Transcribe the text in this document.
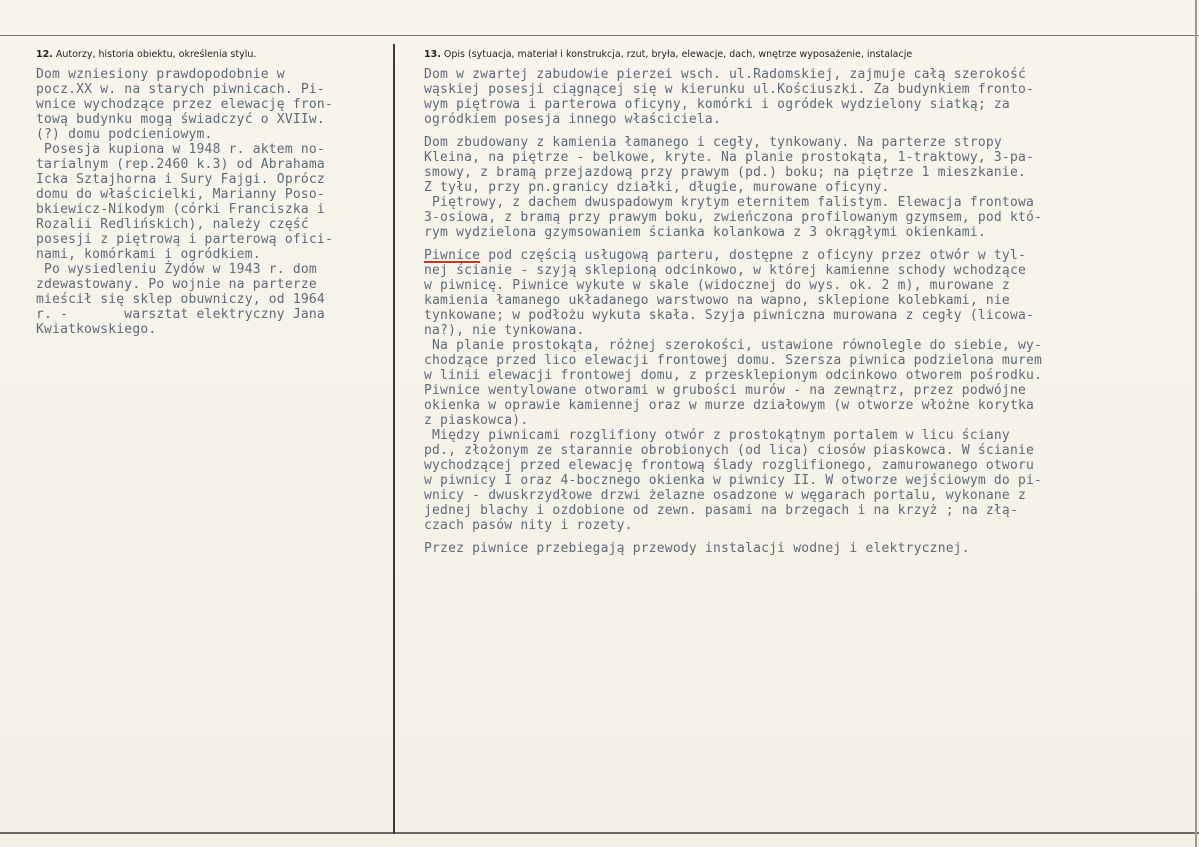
12. Autorzy, historia obiektu, określenia stylu.	13. Opis (sytuacja, materiał i konstrukcja, rzut, bryła, elewacje, dach, wnętrze wyposażenie, instalacje
Dom wzniesiony prawdopodobnie w
pocz.XX w. na starych piwnicach. Pi-
wnice wychodzące przez elewację fron-
tową budynku mogą świadczyć o XVIIw.
(?) domu podcieniowym.
Posesja kupiona w 1948 r. aktem no-
tarialnym (rep.2460 k.3) od Abrahama
Icka Sztajhorna i Sury Fajgi. Oprócz
domu do właścicielki, Marianny Poso-
bkiewicz-Nikodym (córki Franciszka i
Rozalii Redlińskich), należy część
posesji z piętrową i parterową ofici-
nami, komórkami i ogródkiem.
Po wysiedleniu Żydów w 1943 r. dom
zdewastowany. Po wojnie na parterze
mieścił się sklep obuwniczy, od 1964
r. -       warsztat elektryczny Jana
Kwiatkowskiego.
Dom w zwartej zabudowie pierzei wsch. ul.Radomskiej, zajmuje całą szerokość
wąskiej posesji ciągnącej się w kierunku ul.Kościuszki. Za budynkiem fronto-
wym piętrowa i parterowa oficyny, komórki i ogródek wydzielony siatką; za
ogródkiem posesja innego właściciela.
Dom zbudowany z kamienia łamanego i cegły, tynkowany. Na parterze stropy
Kleina, na piętrze - belkowe, kryte. Na planie prostokąta, 1-traktowy, 3-pa-
smowy, z bramą przejazdową przy prawym (pd.) boku; na piętrze 1 mieszkanie.
Z tyłu, przy pn.granicy działki, długie, murowane oficyny.
Piętrowy, z dachem dwuspadowym krytym eternitem falistym. Elewacja frontowa
3-osiowa, z bramą przy prawym boku, zwieńczona profilowanym gzymsem, pod któ-
rym wydzielona gzymsowaniem ścianka kolankowa z 3 okrągłymi okienkami.
Piwnice pod częścią usługową parteru, dostępne z oficyny przez otwór w tyl-
nej ścianie - szyją sklepioną odcinkowo, w której kamienne schody wchodzące
w piwnicę. Piwnice wykute w skale (widocznej do wys. ok. 2 m), murowane z
kamienia łamanego układanego warstwowo na wapno, sklepione kolebkami, nie
tynkowane; w podłożu wykuta skała. Szyja piwniczna murowana z cegły (licowa-
na?), nie tynkowana.
Na planie prostokąta, różnej szerokości, ustawione równolegle do siebie, wy-
chodzące przed lico elewacji frontowej domu. Szersza piwnica podzielona murem
w linii elewacji frontowej domu, z przesklepionym odcinkowo otworem pośrodku.
Piwnice wentylowane otworami w grubości murów - na zewnątrz, przez podwójne
okienka w oprawie kamiennej oraz w murze działowym (w otworze włożne korytka
z piaskowca).
Między piwnicami rozglifiony otwór z prostokątnym portalem w licu ściany
pd., złożonym ze starannie obrobionych (od lica) ciosów piaskowca. W ścianie
wychodzącej przed elewację frontową ślady rozglifionego, zamurowanego otworu
w piwnicy I oraz 4-bocznego okienka w piwnicy II. W otworze wejściowym do pi-
wnicy - dwuskrzydłowe drzwi żelazne osadzone w węgarach portalu, wykonane z
jednej blachy i ozdobione od zewn. pasami na brzegach i na krzyż ; na złą-
czach pasów nity i rozety.
Przez piwnice przebiegają przewody instalacji wodnej i elektrycznej.
